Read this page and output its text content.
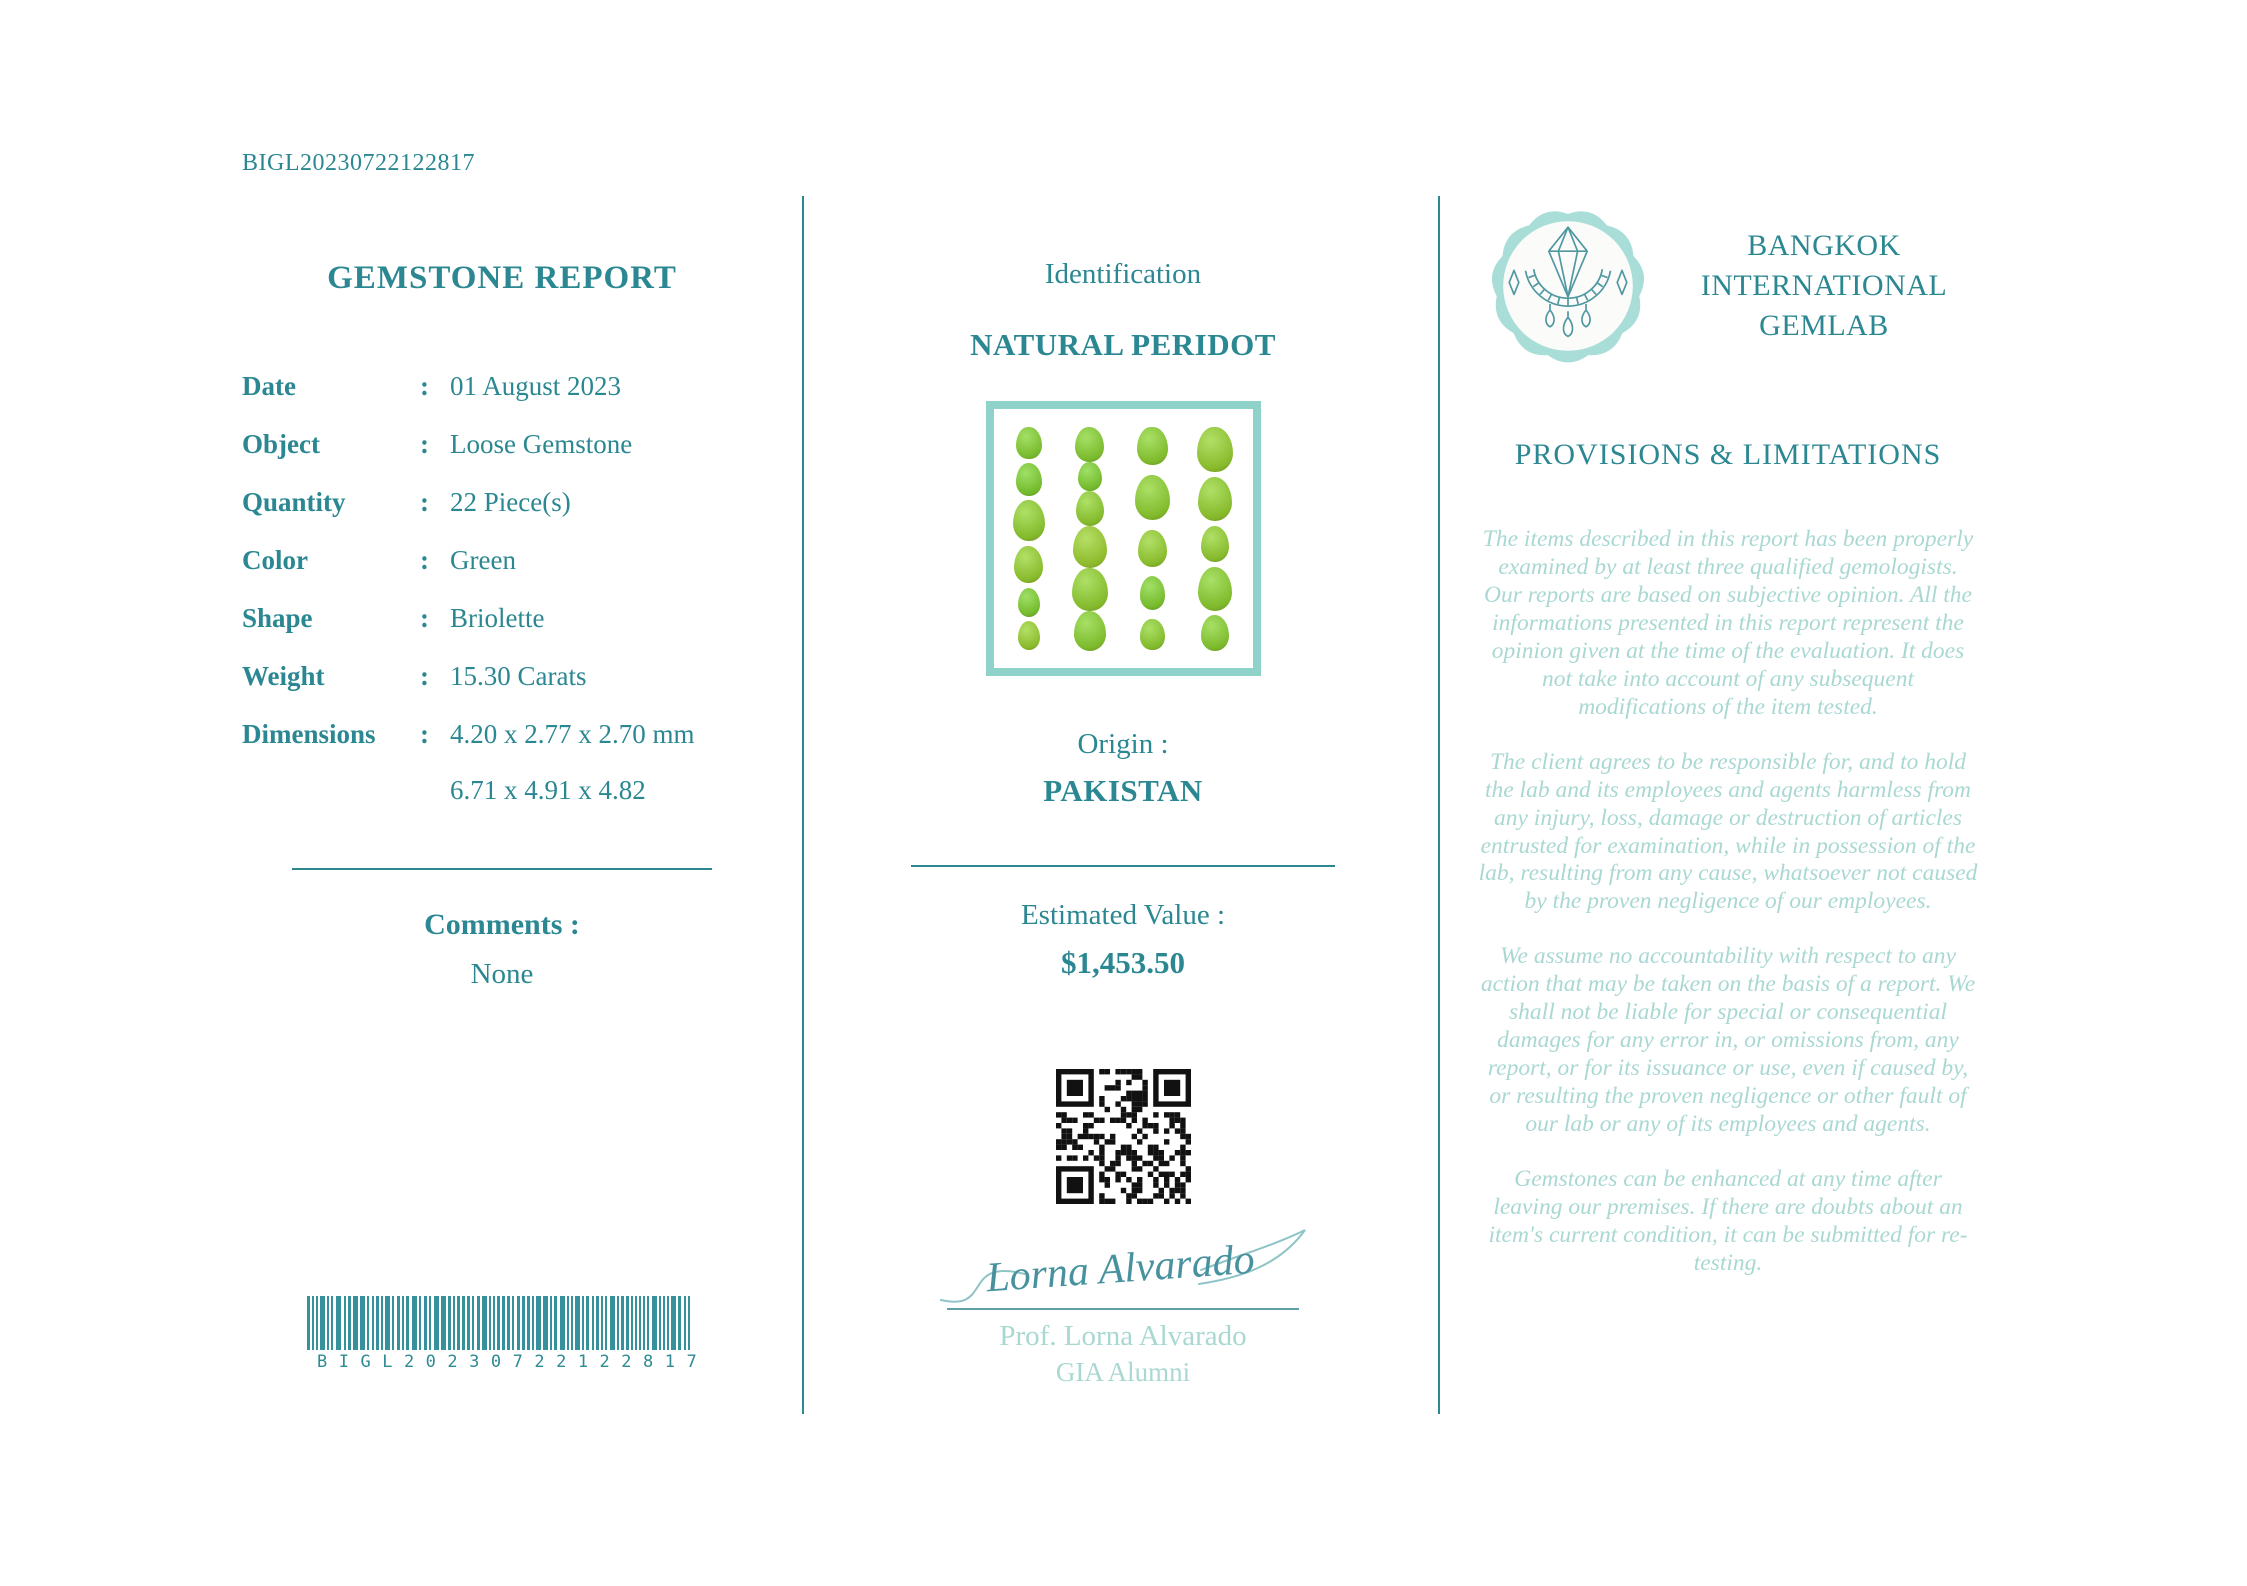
BIGL20230722122817
GEMSTONE REPORT
Date	: 01 August 2023
Object	: Loose Gemstone
Quantity	: 22 Piece(s)
Color	: Green
Shape	: Briolette
Weight	: 15.30 Carats
Dimensions	: 4.20 x 2.77 x 2.70 mm
6.71 x 4.91 x 4.82
Comments :
None
BIGL20230722122817
Identification
NATURAL PERIDOT
Origin :
PAKISTAN
Estimated Value :
$1,453.50
Lorna Alvarado
Prof. Lorna Alvarado
GIA Alumni
BANGKOK INTERNATIONAL GEMLAB
PROVISIONS & LIMITATIONS

The items described in this report has been properly examined by at least three qualified gemologists. Our reports are based on subjective opinion. All the informations presented in this report represent the opinion given at the time of the evaluation. It does not take into account of any subsequent modifications of the item tested.

The client agrees to be responsible for, and to hold the lab and its employees and agents harmless from any injury, loss, damage or destruction of articles entrusted for examination, while in possession of the lab, resulting from any cause, whatsoever not caused by the proven negligence of our employees.

We assume no accountability with respect to any action that may be taken on the basis of a report. We shall not be liable for special or consequential damages for any error in, or omissions from, any report, or for its issuance or use, even if caused by, or resulting the proven negligence or other fault of our lab or any of its employees and agents.

Gemstones can be enhanced at any time after leaving our premises. If there are doubts about an item's current condition, it can be submitted for re-testing.
